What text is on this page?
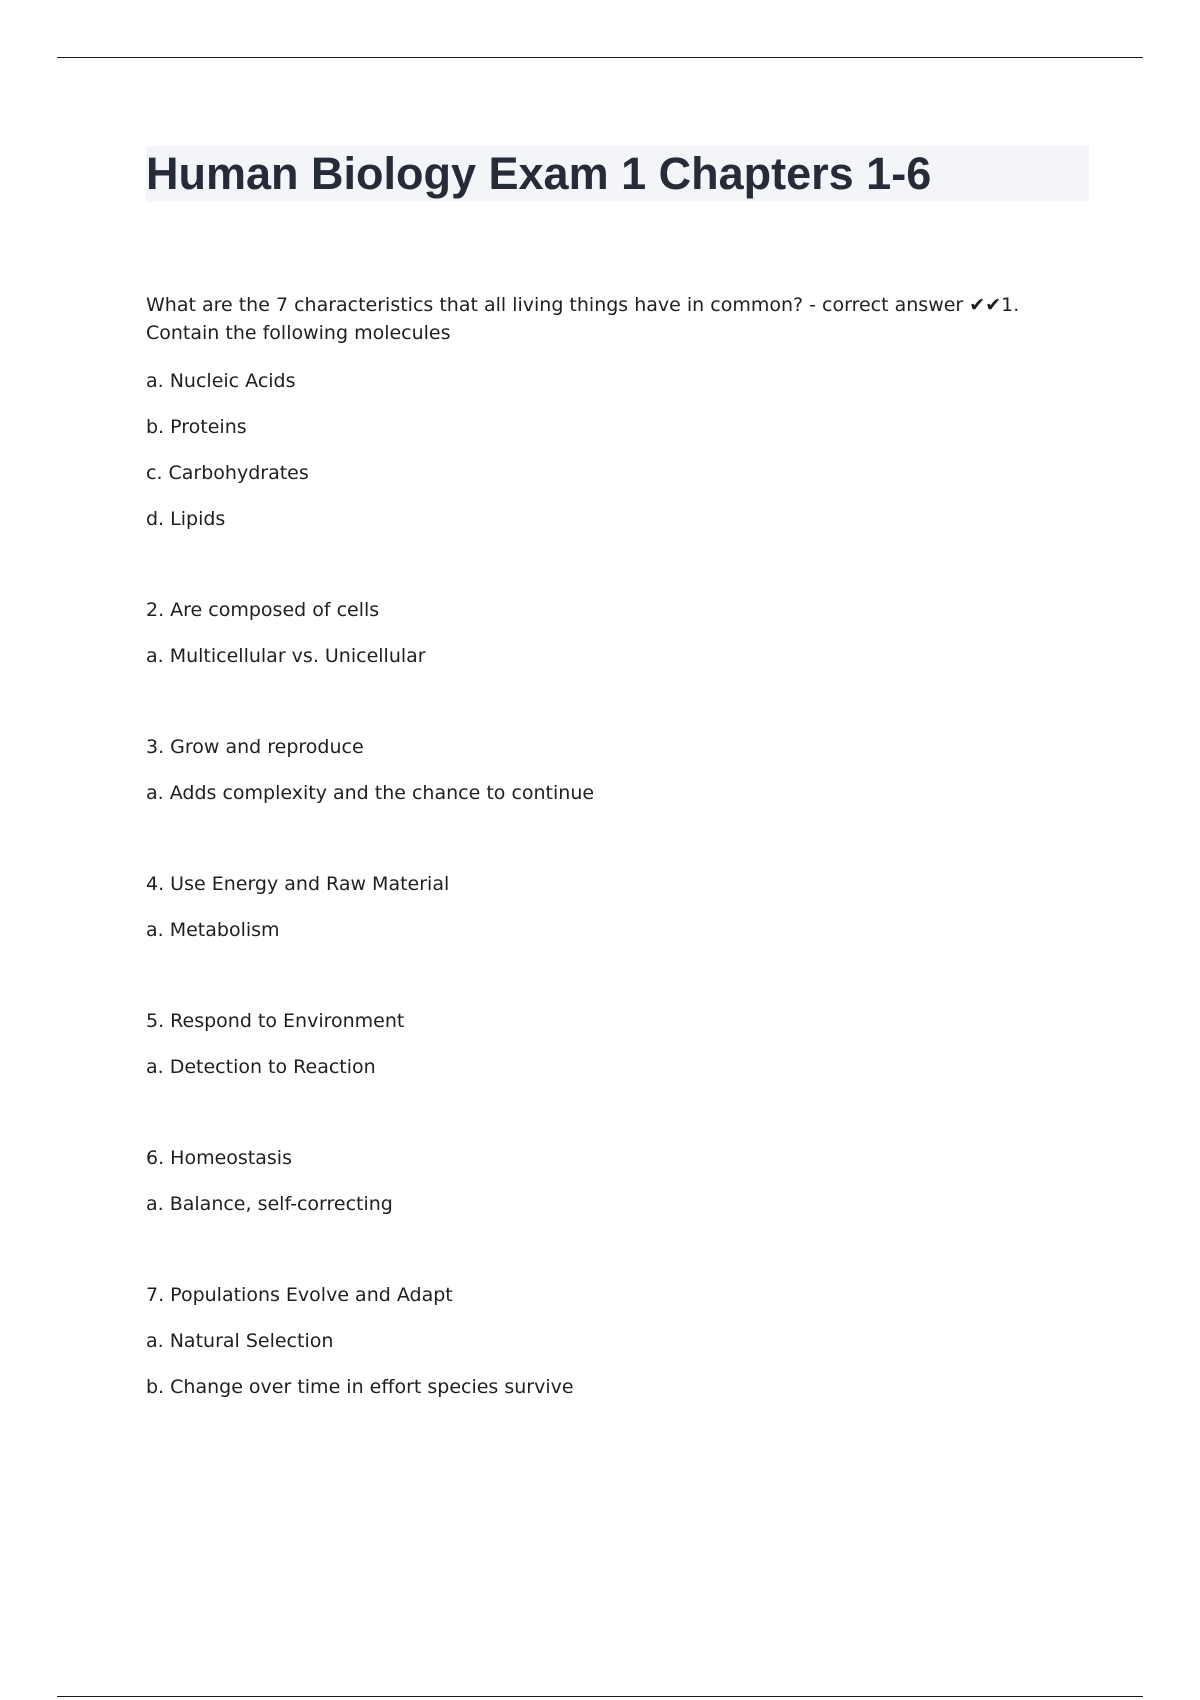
Human Biology Exam 1 Chapters 1-6

What are the 7 characteristics that all living things have in common? - correct answer ✔✔1. Contain the following molecules

a. Nucleic Acids

b. Proteins

c. Carbohydrates

d. Lipids

2. Are composed of cells

a. Multicellular vs. Unicellular

3. Grow and reproduce

a. Adds complexity and the chance to continue

4. Use Energy and Raw Material

a. Metabolism

5. Respond to Environment

a. Detection to Reaction

6. Homeostasis

a. Balance, self-correcting

7. Populations Evolve and Adapt

a. Natural Selection

b. Change over time in effort species survive
